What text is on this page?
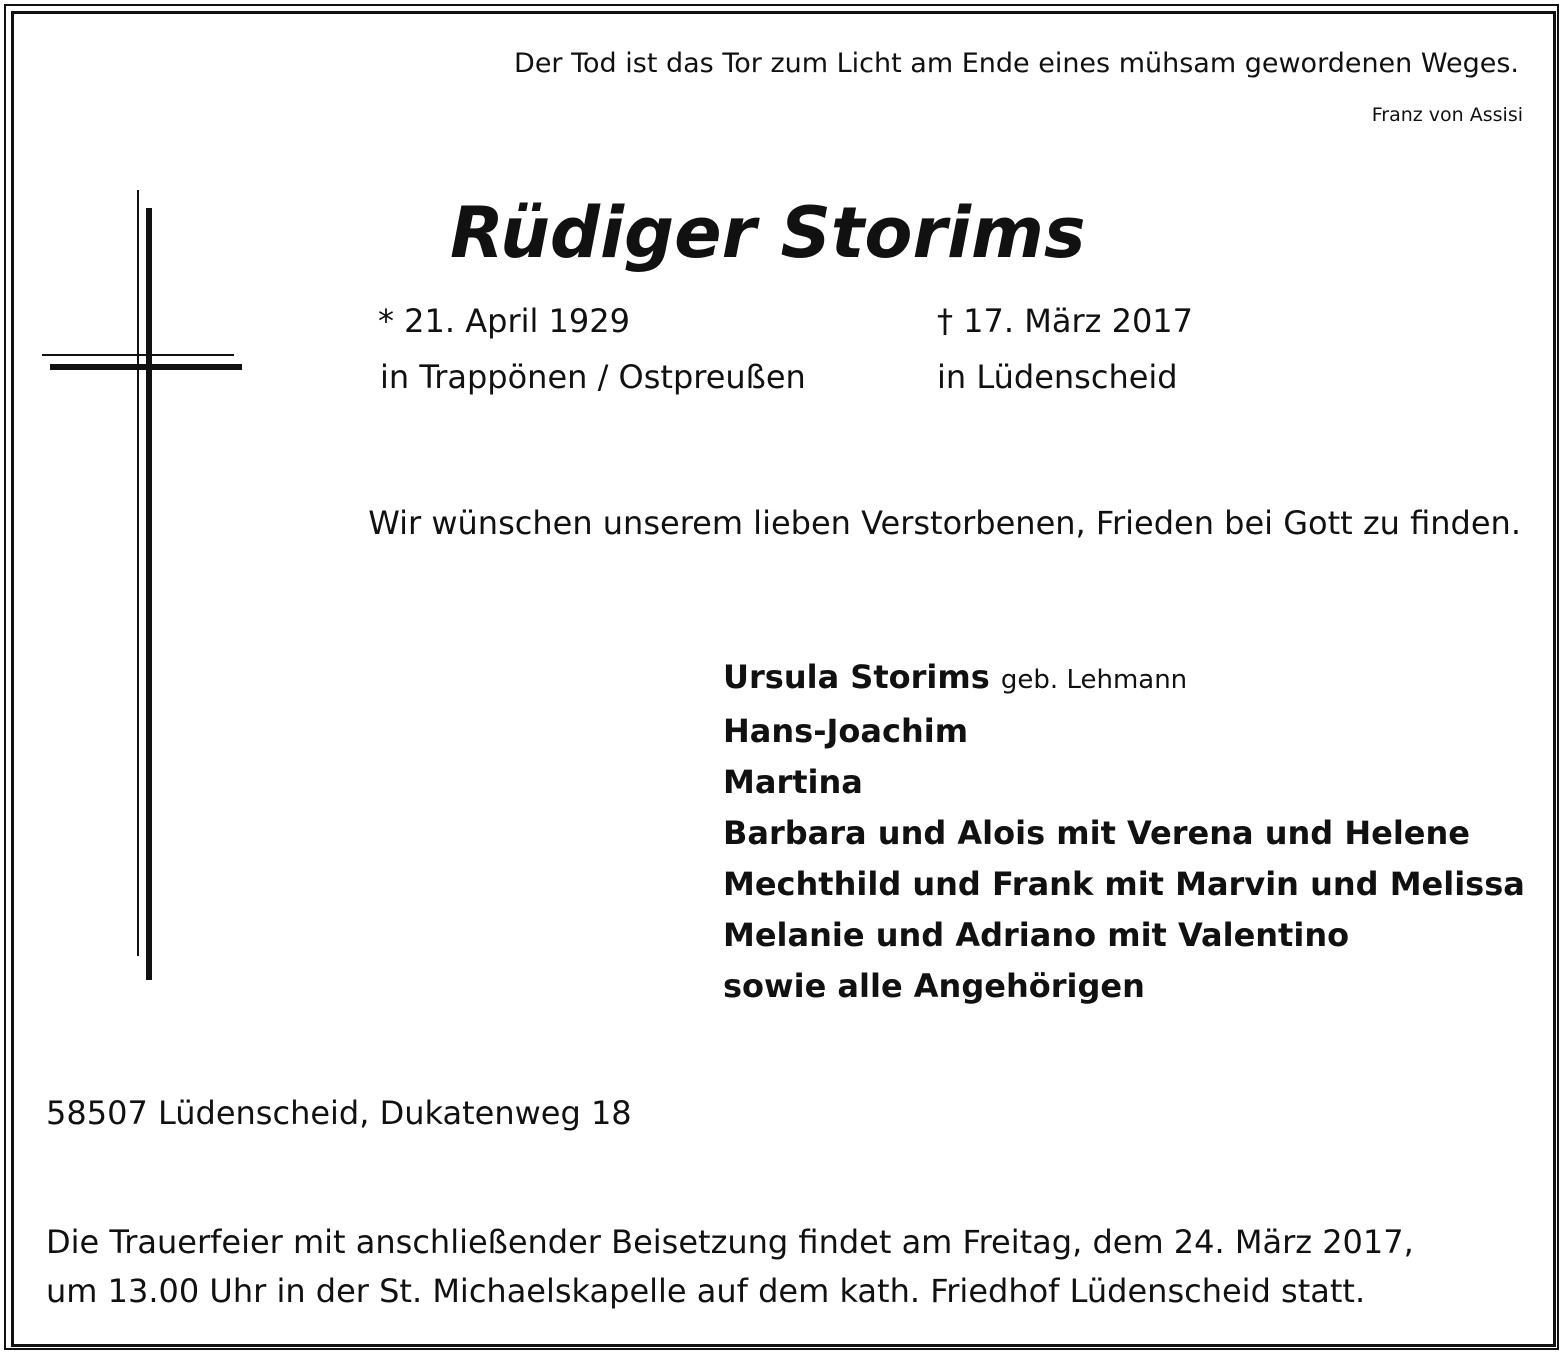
Der Tod ist das Tor zum Licht am Ende eines mühsam gewordenen Weges.
Franz von Assisi
Rüdiger Storims
* 21. April 1929
in Trappönen / Ostpreußen
† 17. März 2017
in Lüdenscheid
Wir wünschen unserem lieben Verstorbenen, Frieden bei Gott zu finden.
Ursula Storims geb. Lehmann
Hans-Joachim
Martina
Barbara und Alois mit Verena und Helene
Mechthild und Frank mit Marvin und Melissa
Melanie und Adriano mit Valentino
sowie alle Angehörigen
58507 Lüdenscheid, Dukatenweg 18
Die Trauerfeier mit anschließender Beisetzung findet am Freitag, dem 24. März 2017,
um 13.00 Uhr in der St. Michaelskapelle auf dem kath. Friedhof Lüdenscheid statt.
